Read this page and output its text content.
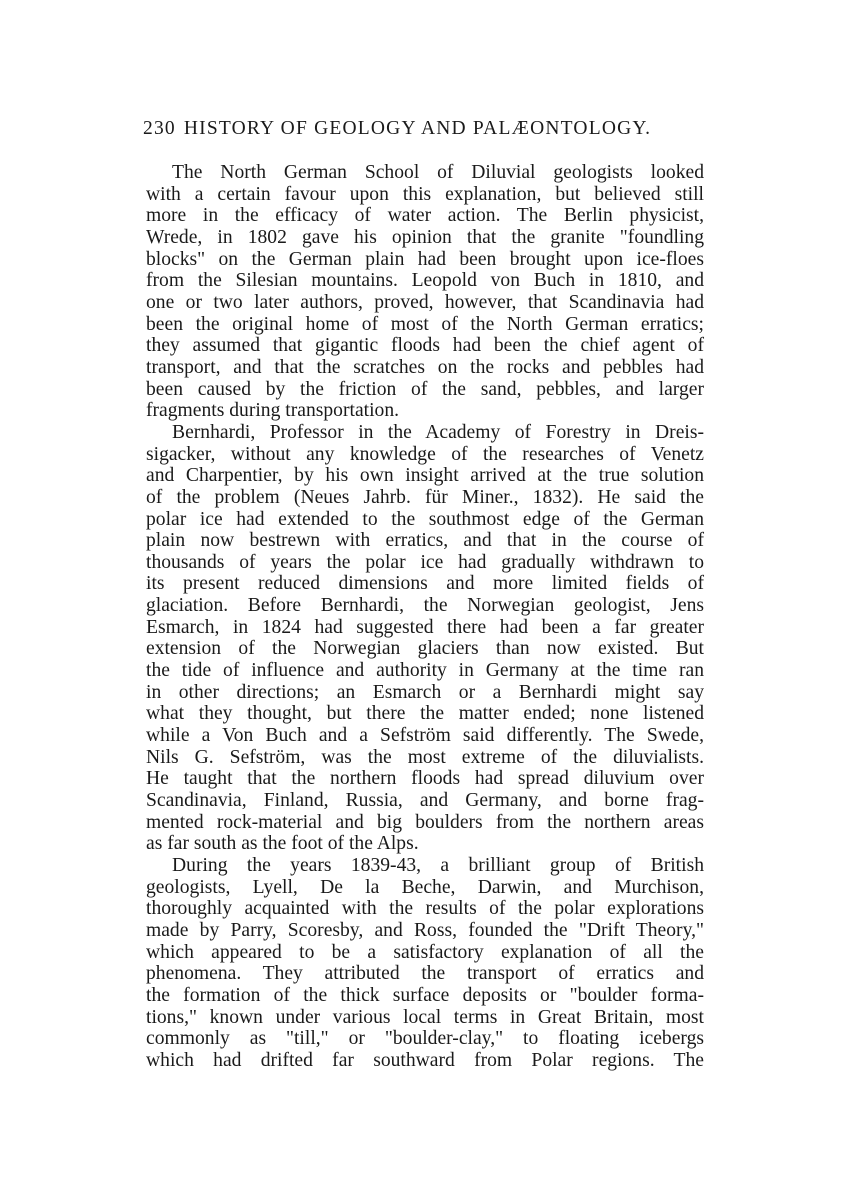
230 HISTORY OF GEOLOGY AND PALÆONTOLOGY.
The North German School of Diluvial geologists looked
with a certain favour upon this explanation, but believed still
more in the efficacy of water action. The Berlin physicist,
Wrede, in 1802 gave his opinion that the granite "foundling
blocks" on the German plain had been brought upon ice-floes
from the Silesian mountains. Leopold von Buch in 1810, and
one or two later authors, proved, however, that Scandinavia had
been the original home of most of the North German erratics;
they assumed that gigantic floods had been the chief agent of
transport, and that the scratches on the rocks and pebbles had
been caused by the friction of the sand, pebbles, and larger
fragments during transportation.
Bernhardi, Professor in the Academy of Forestry in Dreis-
sigacker, without any knowledge of the researches of Venetz
and Charpentier, by his own insight arrived at the true solution
of the problem (Neues Jahrb. für Miner., 1832). He said the
polar ice had extended to the southmost edge of the German
plain now bestrewn with erratics, and that in the course of
thousands of years the polar ice had gradually withdrawn to
its present reduced dimensions and more limited fields of
glaciation. Before Bernhardi, the Norwegian geologist, Jens
Esmarch, in 1824 had suggested there had been a far greater
extension of the Norwegian glaciers than now existed. But
the tide of influence and authority in Germany at the time ran
in other directions; an Esmarch or a Bernhardi might say
what they thought, but there the matter ended; none listened
while a Von Buch and a Sefström said differently. The Swede,
Nils G. Sefström, was the most extreme of the diluvialists.
He taught that the northern floods had spread diluvium over
Scandinavia, Finland, Russia, and Germany, and borne frag-
mented rock-material and big boulders from the northern areas
as far south as the foot of the Alps.
During the years 1839-43, a brilliant group of British
geologists, Lyell, De la Beche, Darwin, and Murchison,
thoroughly acquainted with the results of the polar explorations
made by Parry, Scoresby, and Ross, founded the "Drift Theory,"
which appeared to be a satisfactory explanation of all the
phenomena. They attributed the transport of erratics and
the formation of the thick surface deposits or "boulder forma-
tions," known under various local terms in Great Britain, most
commonly as "till," or "boulder-clay," to floating icebergs
which had drifted far southward from Polar regions. The
